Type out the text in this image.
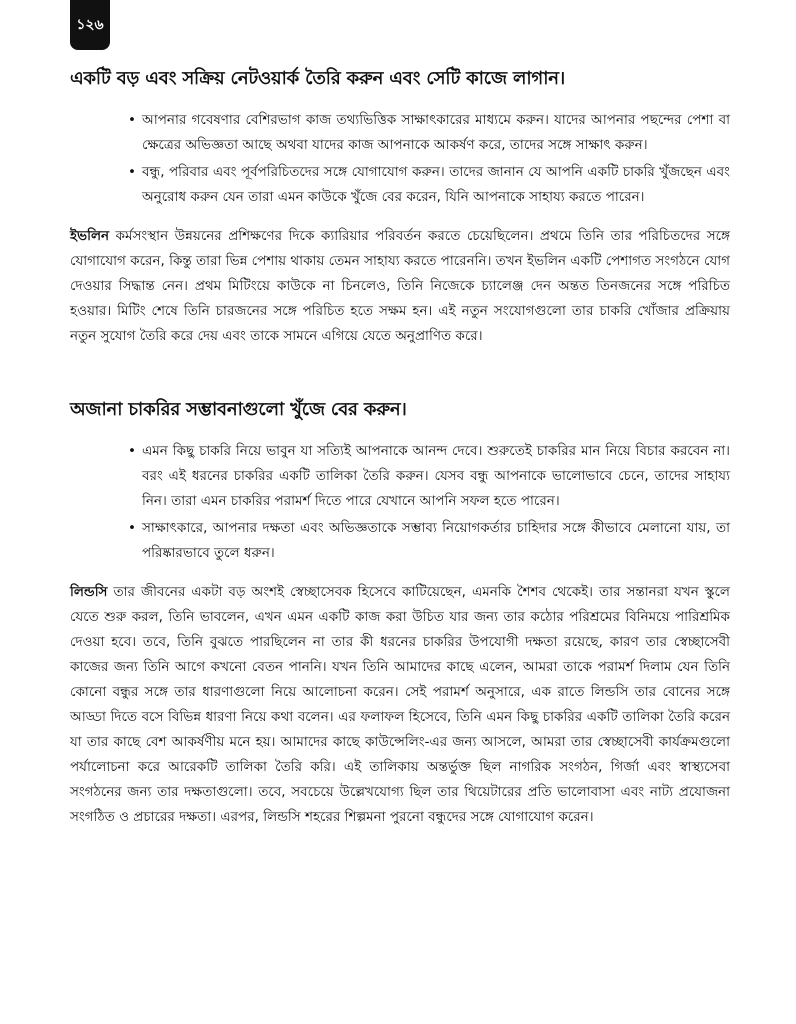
১২৬
একটি বড় এবং সক্রিয় নেটওয়ার্ক তৈরি করুন এবং সেটি কাজে লাগান।
• আপনার গবেষণার বেশিরভাগ কাজ তথ্যভিত্তিক সাক্ষাৎকারের মাধ্যমে করুন। যাদের আপনার পছন্দের পেশা বা ক্ষেত্রের অভিজ্ঞতা আছে অথবা যাদের কাজ আপনাকে আকর্ষণ করে, তাদের সঙ্গে সাক্ষাৎ করুন।
• বন্ধু, পরিবার এবং পূর্বপরিচিতদের সঙ্গে যোগাযোগ করুন। তাদের জানান যে আপনি একটি চাকরি খুঁজছেন এবং অনুরোধ করুন যেন তারা এমন কাউকে খুঁজে বের করেন, যিনি আপনাকে সাহায্য করতে পারেন।

ইভলিন কর্মসংস্থান উন্নয়নের প্রশিক্ষণের দিকে ক্যারিয়ার পরিবর্তন করতে চেয়েছিলেন। প্রথমে তিনি তার পরিচিতদের সঙ্গে যোগাযোগ করেন, কিন্তু তারা ভিন্ন পেশায় থাকায় তেমন সাহায্য করতে পারেননি। তখন ইভলিন একটি পেশাগত সংগঠনে যোগ দেওয়ার সিদ্ধান্ত নেন। প্রথম মিটিংয়ে কাউকে না চিনলেও, তিনি নিজেকে চ্যালেঞ্জ দেন অন্তত তিনজনের সঙ্গে পরিচিত হওয়ার। মিটিং শেষে তিনি চারজনের সঙ্গে পরিচিত হতে সক্ষম হন। এই নতুন সংযোগগুলো তার চাকরি খোঁজার প্রক্রিয়ায় নতুন সুযোগ তৈরি করে দেয় এবং তাকে সামনে এগিয়ে যেতে অনুপ্রাণিত করে।

অজানা চাকরির সম্ভাবনাগুলো খুঁজে বের করুন।
• এমন কিছু চাকরি নিয়ে ভাবুন যা সত্যিই আপনাকে আনন্দ দেবে। শুরুতেই চাকরির মান নিয়ে বিচার করবেন না। বরং এই ধরনের চাকরির একটি তালিকা তৈরি করুন। যেসব বন্ধু আপনাকে ভালোভাবে চেনে, তাদের সাহায্য নিন। তারা এমন চাকরির পরামর্শ দিতে পারে যেখানে আপনি সফল হতে পারেন।
• সাক্ষাৎকারে, আপনার দক্ষতা এবং অভিজ্ঞতাকে সম্ভাব্য নিয়োগকর্তার চাহিদার সঙ্গে কীভাবে মেলানো যায়, তা পরিষ্কারভাবে তুলে ধরুন।

লিন্ডসি তার জীবনের একটা বড় অংশই স্বেচ্ছাসেবক হিসেবে কাটিয়েছেন, এমনকি শৈশব থেকেই। তার সন্তানরা যখন স্কুলে যেতে শুরু করল, তিনি ভাবলেন, এখন এমন একটি কাজ করা উচিত যার জন্য তার কঠোর পরিশ্রমের বিনিময়ে পারিশ্রমিক দেওয়া হবে। তবে, তিনি বুঝতে পারছিলেন না তার কী ধরনের চাকরির উপযোগী দক্ষতা রয়েছে, কারণ তার স্বেচ্ছাসেবী কাজের জন্য তিনি আগে কখনো বেতন পাননি। যখন তিনি আমাদের কাছে এলেন, আমরা তাকে পরামর্শ দিলাম যেন তিনি কোনো বন্ধুর সঙ্গে তার ধারণাগুলো নিয়ে আলোচনা করেন। সেই পরামর্শ অনুসারে, এক রাতে লিন্ডসি তার বোনের সঙ্গে আড্ডা দিতে বসে বিভিন্ন ধারণা নিয়ে কথা বলেন। এর ফলাফল হিসেবে, তিনি এমন কিছু চাকরির একটি তালিকা তৈরি করেন যা তার কাছে বেশ আকর্ষণীয় মনে হয়। আমাদের কাছে কাউন্সেলিং-এর জন্য আসলে, আমরা তার স্বেচ্ছাসেবী কার্যক্রমগুলো পর্যালোচনা করে আরেকটি তালিকা তৈরি করি। এই তালিকায় অন্তর্ভুক্ত ছিল নাগরিক সংগঠন, গির্জা এবং স্বাস্থ্যসেবা সংগঠনের জন্য তার দক্ষতাগুলো। তবে, সবচেয়ে উল্লেখযোগ্য ছিল তার থিয়েটারের প্রতি ভালোবাসা এবং নাট্য প্রযোজনা সংগঠিত ও প্রচারের দক্ষতা। এরপর, লিন্ডসি শহরের শিল্পমনা পুরনো বন্ধুদের সঙ্গে যোগাযোগ করেন।
